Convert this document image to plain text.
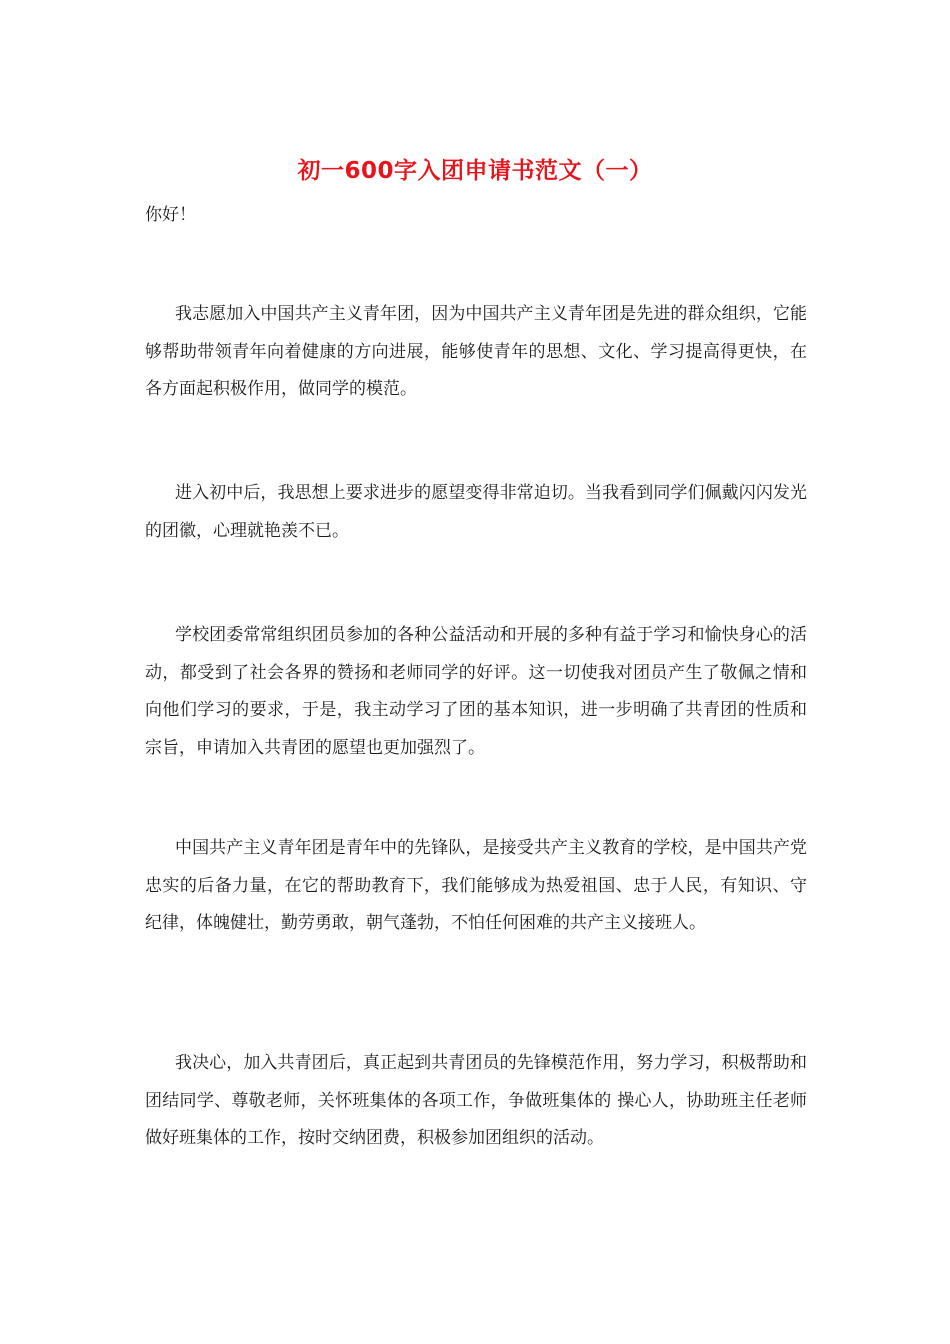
初一600字入团申请书范文（一）
你好！

我志愿加入中国共产主义青年团，因为中国共产主义青年团是先进的群众组织，它能够帮助带领青年向着健康的方向进展，能够使青年的思想、文化、学习提高得更快，在各方面起积极作用，做同学的模范。

进入初中后，我思想上要求进步的愿望变得非常迫切。当我看到同学们佩戴闪闪发光的团徽，心理就艳羡不已。

学校团委常常组织团员参加的各种公益活动和开展的多种有益于学习和愉快身心的活动，都受到了社会各界的赞扬和老师同学的好评。这一切使我对团员产生了敬佩之情和向他们学习的要求，于是，我主动学习了团的基本知识，进一步明确了共青团的性质和宗旨，申请加入共青团的愿望也更加强烈了。

中国共产主义青年团是青年中的先锋队，是接受共产主义教育的学校，是中国共产党忠实的后备力量，在它的帮助教育下，我们能够成为热爱祖国、忠于人民，有知识、守纪律，体魄健壮，勤劳勇敢，朝气蓬勃，不怕任何困难的共产主义接班人。

我决心，加入共青团后，真正起到共青团员的先锋模范作用，努力学习，积极帮助和团结同学、尊敬老师，关怀班集体的各项工作，争做班集体的 操心人，协助班主任老师做好班集体的工作，按时交纳团费，积极参加团组织的活动。
